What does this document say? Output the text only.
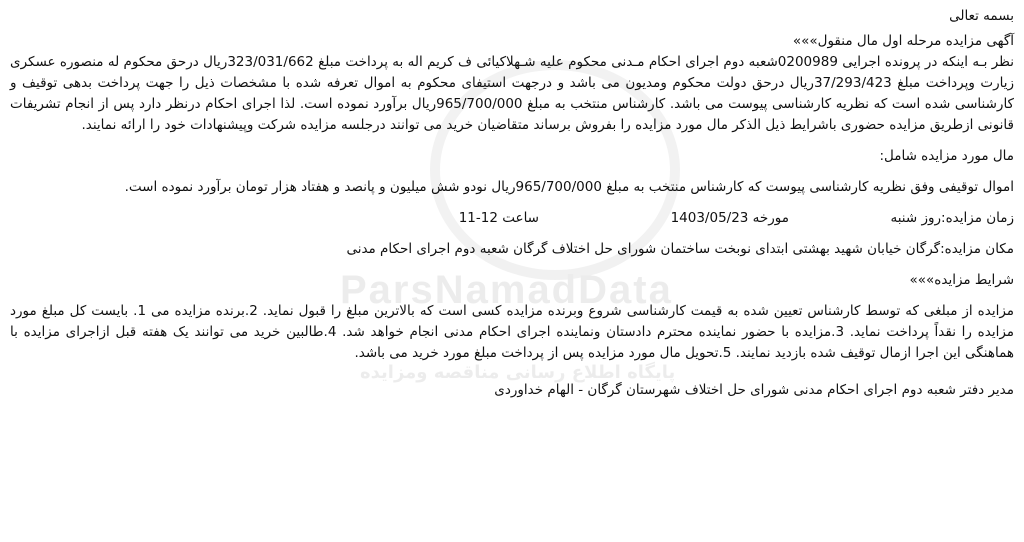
ParsNamadData
پایگاه اطلاع رسانی مناقصه ومزایده
بسمه تعالی
آگهی مزایده مرحله اول مال منقول»»»
نظر بـه اینکه در پرونده اجرایی 0200989شعبه دوم اجرای احکام مـدنی محکوم علیه شـهلاکیائی ف کریم اله به پرداخت مبلغ 323/031/662ریال درحق محکوم له منصوره عسکری زیارت وپرداخت مبلغ 37/293/423ریال درحق دولت محکوم ومدیون می باشد و درجهت استیفای محکوم به اموال تعرفه شده با مشخصات ذیل را جهت پرداخت بدهی توقیف و کارشناسی شده است که نظریه کارشناسی پیوست می باشد. کارشناس منتخب به مبلغ 965/700/000ریال برآورد نموده است. لذا اجرای احکام درنظر دارد پس از انجام تشریفات قانونی ازطریق مزایده حضوری باشرایط ذیل الذکر مال مورد مزایده را بفروش برساند متقاضیان خرید می توانند درجلسه مزایده شرکت وپیشنهادات خود را ارائه نمایند.
مال مورد مزایده شامل:
اموال توقیفی وفق نظریه کارشناسی پیوست که کارشناس منتخب به مبلغ 965/700/000ریال نودو شش میلیون و پانصد و هفتاد هزار تومان برآورد نموده است.
زمان مزایده:روز شنبه
مورخه 1403/05/23
ساعت 12-11
مکان مزایده:گرگان خیابان شهید بهشتی ابتدای نوبخت ساختمان شورای حل اختلاف گرگان شعبه دوم اجرای احکام مدنی
شرایط مزایده»»»
مزایده از مبلغی که توسط کارشناس تعیین شده به قیمت کارشناسی شروع وبرنده مزایده کسی است که بالاترین مبلغ را قبول نماید. 2.برنده مزایده می 1. بایست کل مبلغ مورد مزایده را نقداً پرداخت نماید. 3.مزایده با حضور نماینده محترم دادستان ونماینده اجرای احکام مدنی انجام خواهد شد. 4.طالبین خرید می توانند یک هفته قبل ازاجرای مزایده با هماهنگی این اجرا ازمال توقیف شده بازدید نمایند. 5.تحویل مال مورد مزایده پس از پرداخت مبلغ مورد خرید می باشد.
مدیر دفتر شعبه دوم اجرای احکام مدنی شورای حل اختلاف شهرستان گرگان - الهام خداوردی
